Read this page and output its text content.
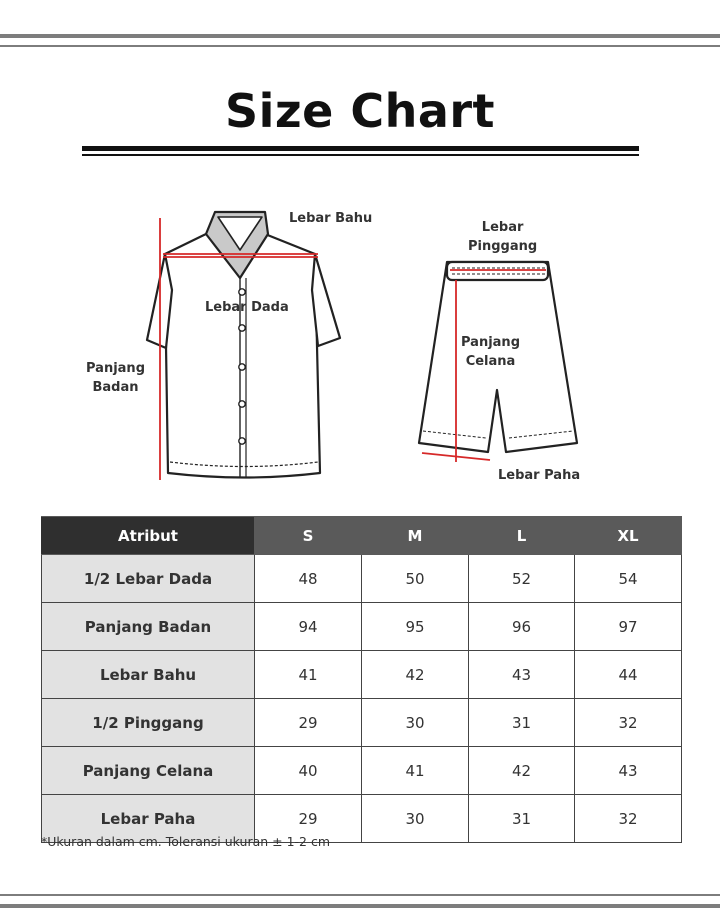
Size Chart
Lebar Bahu
Lebar Dada
Panjang
Badan
Lebar
Pinggang
Panjang
Celana
Lebar Paha
Atribut	S	M	L	XL
1/2 Lebar Dada	48	50	52	54
Panjang Badan	94	95	96	97
Lebar Bahu	41	42	43	44
1/2 Pinggang	29	30	31	32
Panjang Celana	40	41	42	43
Lebar Paha	29	30	31	32
*Ukuran dalam cm. Toleransi ukuran ± 1-2 cm
